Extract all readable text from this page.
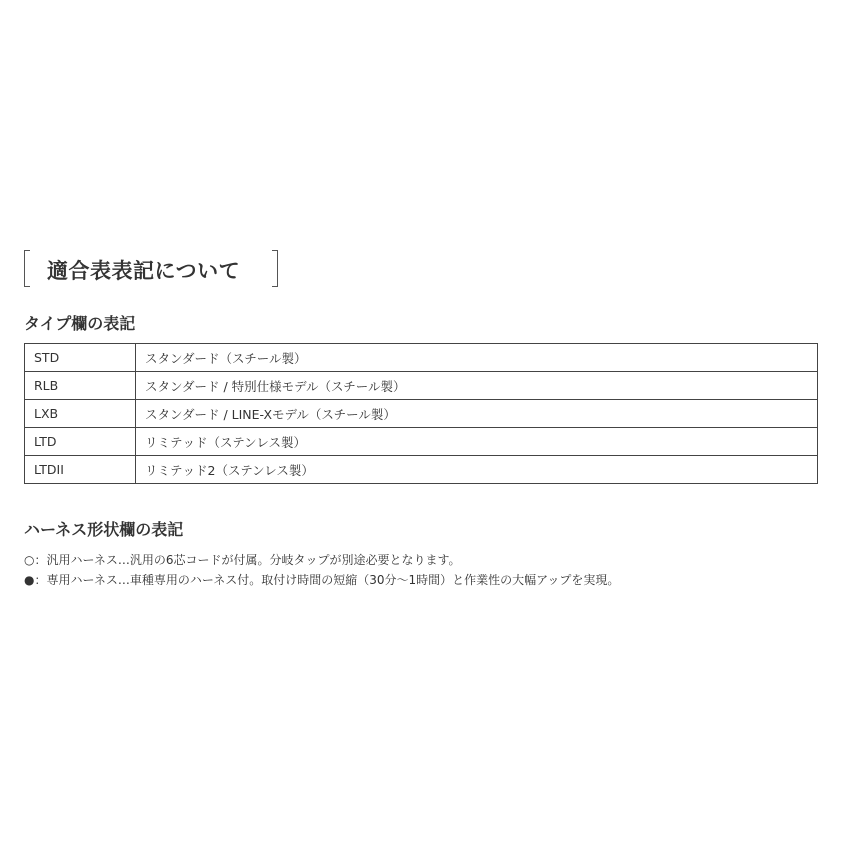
適合表表記について
タイプ欄の表記
STD	スタンダード（スチール製）
RLB	スタンダード / 特別仕様モデル（スチール製）
LXB	スタンダード / LINE-Xモデル（スチール製）
LTD	リミテッド（ステンレス製）
LTDII	リミテッド2（ステンレス製）
ハーネス形状欄の表記
○：汎用ハーネス…汎用の6芯コードが付属。分岐タップが別途必要となります。
●：専用ハーネス…車種専用のハーネス付。取付け時間の短縮（30分〜1時間）と作業性の大幅アップを実現。
